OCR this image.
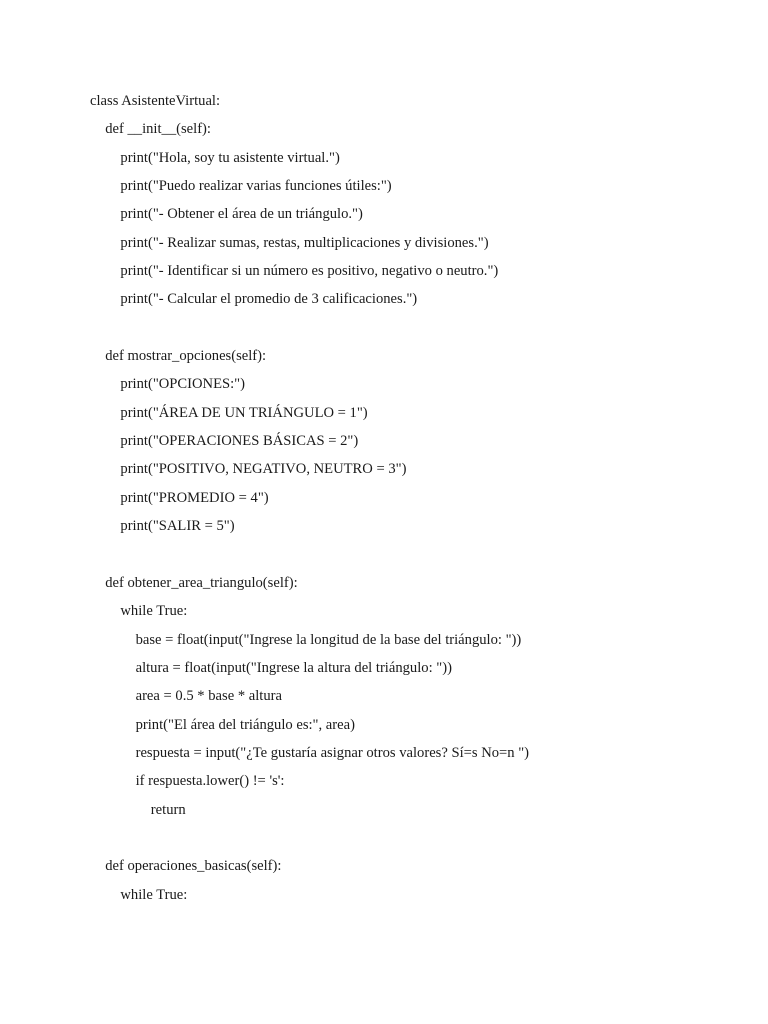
class AsistenteVirtual:
def __init__(self):
print("Hola, soy tu asistente virtual.")
print("Puedo realizar varias funciones útiles:")
print("- Obtener el área de un triángulo.")
print("- Realizar sumas, restas, multiplicaciones y divisiones.")
print("- Identificar si un número es positivo, negativo o neutro.")
print("- Calcular el promedio de 3 calificaciones.")
def mostrar_opciones(self):
print("OPCIONES:")
print("ÁREA DE UN TRIÁNGULO = 1")
print("OPERACIONES BÁSICAS = 2")
print("POSITIVO, NEGATIVO, NEUTRO = 3")
print("PROMEDIO = 4")
print("SALIR = 5")
def obtener_area_triangulo(self):
while True:
base = float(input("Ingrese la longitud de la base del triángulo: "))
altura = float(input("Ingrese la altura del triángulo: "))
area = 0.5 * base * altura
print("El área del triángulo es:", area)
respuesta = input("¿Te gustaría asignar otros valores? Sí=s No=n ")
if respuesta.lower() != 's':
return
def operaciones_basicas(self):
while True:
